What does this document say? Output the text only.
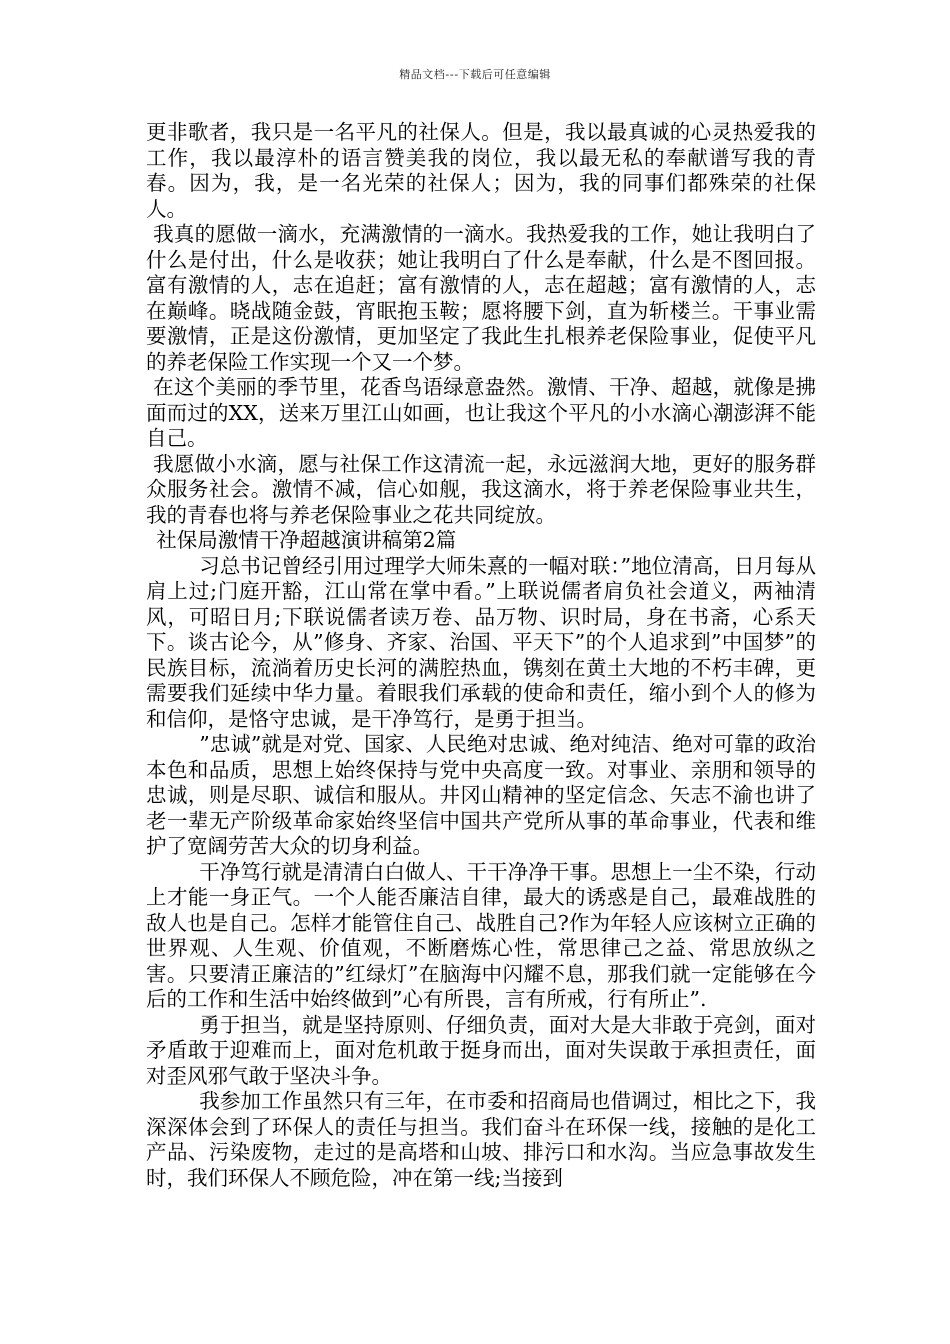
精品文档---下载后可任意编辑

更非歌者，我只是一名平凡的社保人。但是，我以最真诚的心灵热爱我的工作，我以最淳朴的语言赞美我的岗位，我以最无私的奉献谱写我的青春。因为，我，是一名光荣的社保人；因为，我的同事们都殊荣的社保人。

我真的愿做一滴水，充满激情的一滴水。我热爱我的工作，她让我明白了什么是付出，什么是收获；她让我明白了什么是奉献，什么是不图回报。富有激情的人，志在追赶；富有激情的人，志在超越；富有激情的人，志在巅峰。晓战随金鼓，宵眠抱玉鞍；愿将腰下剑，直为斩楼兰。干事业需要激情，正是这份激情，更加坚定了我此生扎根养老保险事业，促使平凡的养老保险工作实现一个又一个梦。

在这个美丽的季节里，花香鸟语绿意盎然。激情、干净、超越，就像是拂面而过的XX，送来万里江山如画，也让我这个平凡的小水滴心潮澎湃不能自己。

我愿做小水滴，愿与社保工作这清流一起，永远滋润大地，更好的服务群众服务社会。激情不减，信心如舰，我这滴水，将于养老保险事业共生，我的青春也将与养老保险事业之花共同绽放。

社保局激情干净超越演讲稿第2篇

习总书记曾经引用过理学大师朱熹的一幅对联：”地位清高，日月每从肩上过;门庭开豁，江山常在掌中看。”上联说儒者肩负社会道义，两袖清风，可昭日月;下联说儒者读万卷、品万物、识时局，身在书斋，心系天下。谈古论今，从”修身、齐家、治国、平天下”的个人追求到”中国梦”的民族目标，流淌着历史长河的满腔热血，镌刻在黄土大地的不朽丰碑，更需要我们延续中华力量。着眼我们承载的使命和责任，缩小到个人的修为和信仰，是恪守忠诚，是干净笃行，是勇于担当。

”忠诚”就是对党、国家、人民绝对忠诚、绝对纯洁、绝对可靠的政治本色和品质，思想上始终保持与党中央高度一致。对事业、亲朋和领导的忠诚，则是尽职、诚信和服从。井冈山精神的坚定信念、矢志不渝也讲了老一辈无产阶级革命家始终坚信中国共产党所从事的革命事业，代表和维护了宽阔劳苦大众的切身利益。

干净笃行就是清清白白做人、干干净净干事。思想上一尘不染，行动上才能一身正气。一个人能否廉洁自律，最大的诱惑是自己，最难战胜的敌人也是自己。怎样才能管住自己、战胜自己?作为年轻人应该树立正确的世界观、人生观、价值观，不断磨炼心性，常思律己之益、常思放纵之害。只要清正廉洁的”红绿灯”在脑海中闪耀不息，那我们就一定能够在今后的工作和生活中始终做到”心有所畏，言有所戒，行有所止”.

勇于担当，就是坚持原则、仔细负责，面对大是大非敢于亮剑，面对矛盾敢于迎难而上，面对危机敢于挺身而出，面对失误敢于承担责任，面对歪风邪气敢于坚决斗争。

我参加工作虽然只有三年，在市委和招商局也借调过，相比之下，我深深体会到了环保人的责任与担当。我们奋斗在环保一线，接触的是化工产品、污染废物，走过的是高塔和山坡、排污口和水沟。当应急事故发生时，我们环保人不顾危险，冲在第一线;当接到
